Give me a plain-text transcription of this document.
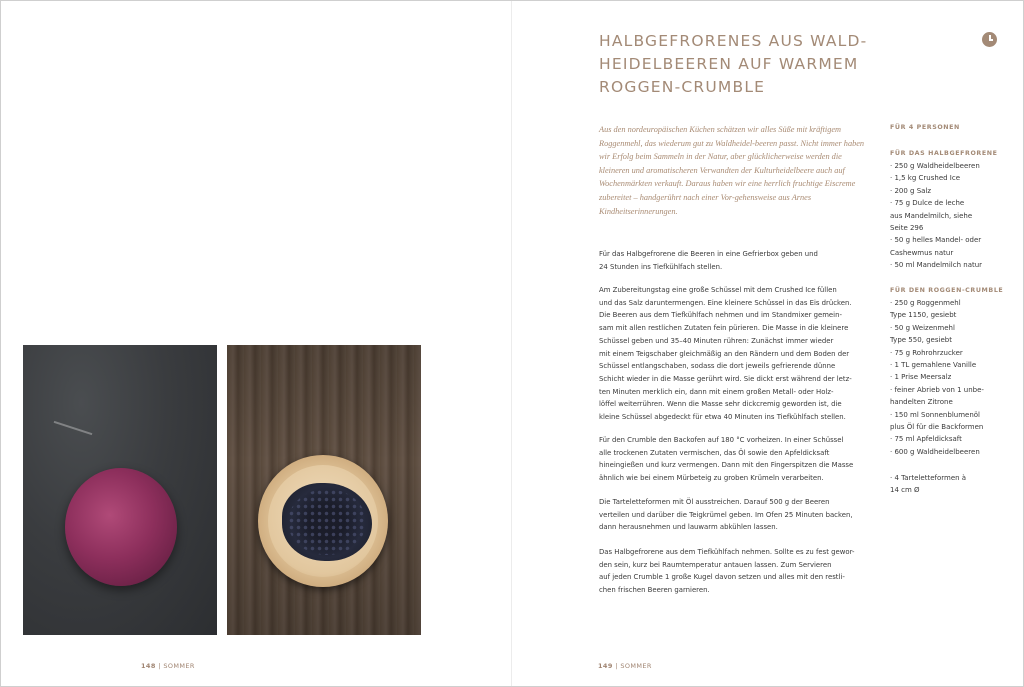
148 | SOMMER	149 | SOMMER
HALBGEFRORENES AUS WALD-
HEIDELBEEREN AUF WARMEM
ROGGEN-CRUMBLE

Aus den nordeuropäischen Küchen schätzen wir alles Süße mit kräftigem Roggenmehl, das wiederum gut zu Waldheidel-beeren passt. Nicht immer haben wir Erfolg beim Sammeln in der Natur, aber glücklicherweise werden die kleineren und aromatischeren Verwandten der Kulturheidelbeere auch auf Wochenmärkten verkauft. Daraus haben wir eine herrlich fruchtige Eiscreme zubereitet – handgerührt nach einer Vor-gehensweise aus Arnes Kindheitserinnerungen.

Für das Halbgefrorene die Beeren in eine Gefrierbox geben und
24 Stunden ins Tiefkühlfach stellen.

Am Zubereitungstag eine große Schüssel mit dem Crushed Ice füllen
und das Salz daruntermengen. Eine kleinere Schüssel in das Eis drücken.
Die Beeren aus dem Tiefkühlfach nehmen und im Standmixer gemein-
sam mit allen restlichen Zutaten fein pürieren. Die Masse in die kleinere
Schüssel geben und 35–40 Minuten rühren: Zunächst immer wieder
mit einem Teigschaber gleichmäßig an den Rändern und dem Boden der
Schüssel entlangschaben, sodass die dort jeweils gefrierende dünne
Schicht wieder in die Masse gerührt wird. Sie dickt erst während der letz-
ten Minuten merklich ein, dann mit einem großen Metall- oder Holz-
löffel weiterrühren. Wenn die Masse sehr dickcremig geworden ist, die
kleine Schüssel abgedeckt für etwa 40 Minuten ins Tiefkühlfach stellen.

Für den Crumble den Backofen auf 180 °C vorheizen. In einer Schüssel
alle trockenen Zutaten vermischen, das Öl sowie den Apfeldicksaft
hineingießen und kurz vermengen. Dann mit den Fingerspitzen die Masse
ähnlich wie bei einem Mürbeteig zu groben Krümeln verarbeiten.

Die Tarteletteformen mit Öl ausstreichen. Darauf 500 g der Beeren
verteilen und darüber die Teigkrümel geben. Im Ofen 25 Minuten backen,
dann herausnehmen und lauwarm abkühlen lassen.

Das Halbgefrorene aus dem Tiefkühlfach nehmen. Sollte es zu fest gewor-
den sein, kurz bei Raumtemperatur antauen lassen. Zum Servieren
auf jeden Crumble 1 große Kugel davon setzen und alles mit den restli-
chen frischen Beeren garnieren.

FÜR 4 PERSONEN

FÜR DAS HALBGEFRORENE

· 250 g Waldheidelbeeren
· 1,5 kg Crushed Ice
· 200 g Salz
· 75 g Dulce de leche
aus Mandelmilch, siehe
Seite 296
· 50 g helles Mandel- oder
Cashewmus natur
· 50 ml Mandelmilch natur

FÜR DEN ROGGEN-CRUMBLE

· 250 g Roggenmehl
Type 1150, gesiebt
· 50 g Weizenmehl
Type 550, gesiebt
· 75 g Rohrohrzucker
· 1 TL gemahlene Vanille
· 1 Prise Meersalz
· feiner Abrieb von 1 unbe-
handelten Zitrone
· 150 ml Sonnenblumenöl
plus Öl für die Backformen
· 75 ml Apfeldicksaft
· 600 g Waldheidelbeeren
· 4 Tarteletteformen à
14 cm Ø
